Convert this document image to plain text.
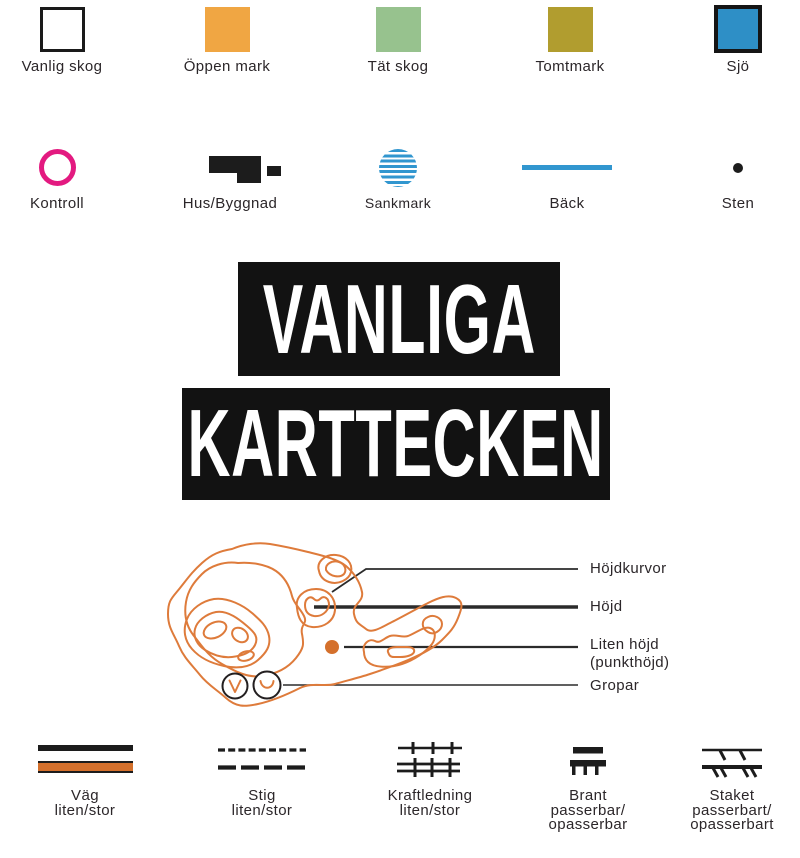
Vanlig skog	Öppen mark	Tät skog	Tomtmark	Sjö
Kontroll	Hus/Byggnad	Sankmark	Bäck	Sten
VANLIGA
KARTTECKEN
Höjdkurvor
Höjd
Liten höjd
(punkthöjd)
Gropar
Väg
liten/stor
Stig
liten/stor
Kraftledning
liten/stor
Brant
passerbar/
opasserbar
Staket
passerbart/
opasserbart
